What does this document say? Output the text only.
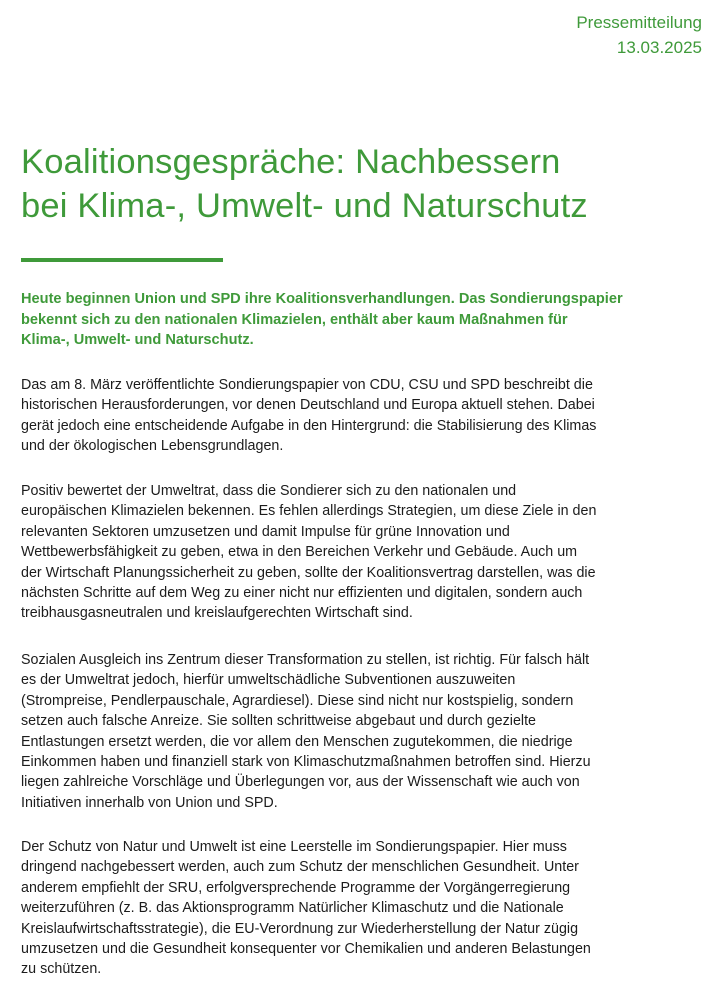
Pressemitteilung
13.03.2025
Koalitionsgespräche: Nachbessern
bei Klima-, Umwelt- und Naturschutz

Heute beginnen Union und SPD ihre Koalitionsverhandlungen. Das Sondierungspapier
bekennt sich zu den nationalen Klimazielen, enthält aber kaum Maßnahmen für
Klima-, Umwelt- und Naturschutz.

Das am 8. März veröffentlichte Sondierungspapier von CDU, CSU und SPD beschreibt die
historischen Herausforderungen, vor denen Deutschland und Europa aktuell stehen. Dabei
gerät jedoch eine entscheidende Aufgabe in den Hintergrund: die Stabilisierung des Klimas
und der ökologischen Lebensgrundlagen.

Positiv bewertet der Umweltrat, dass die Sondierer sich zu den nationalen und
europäischen Klimazielen bekennen. Es fehlen allerdings Strategien, um diese Ziele in den
relevanten Sektoren umzusetzen und damit Impulse für grüne Innovation und
Wettbewerbsfähigkeit zu geben, etwa in den Bereichen Verkehr und Gebäude. Auch um
der Wirtschaft Planungssicherheit zu geben, sollte der Koalitionsvertrag darstellen, was die
nächsten Schritte auf dem Weg zu einer nicht nur effizienten und digitalen, sondern auch
treibhausgasneutralen und kreislaufgerechten Wirtschaft sind.

Sozialen Ausgleich ins Zentrum dieser Transformation zu stellen, ist richtig. Für falsch hält
es der Umweltrat jedoch, hierfür umweltschädliche Subventionen auszuweiten
(Strompreise, Pendlerpauschale, Agrardiesel). Diese sind nicht nur kostspielig, sondern
setzen auch falsche Anreize. Sie sollten schrittweise abgebaut und durch gezielte
Entlastungen ersetzt werden, die vor allem den Menschen zugutekommen, die niedrige
Einkommen haben und finanziell stark von Klimaschutzmaßnahmen betroffen sind. Hierzu
liegen zahlreiche Vorschläge und Überlegungen vor, aus der Wissenschaft wie auch von
Initiativen innerhalb von Union und SPD.

Der Schutz von Natur und Umwelt ist eine Leerstelle im Sondierungspapier. Hier muss
dringend nachgebessert werden, auch zum Schutz der menschlichen Gesundheit. Unter
anderem empfiehlt der SRU, erfolgversprechende Programme der Vorgängerregierung
weiterzuführen (z. B. das Aktionsprogramm Natürlicher Klimaschutz und die Nationale
Kreislaufwirtschaftsstrategie), die EU-Verordnung zur Wiederherstellung der Natur zügig
umzusetzen und die Gesundheit konsequenter vor Chemikalien und anderen Belastungen
zu schützen.
